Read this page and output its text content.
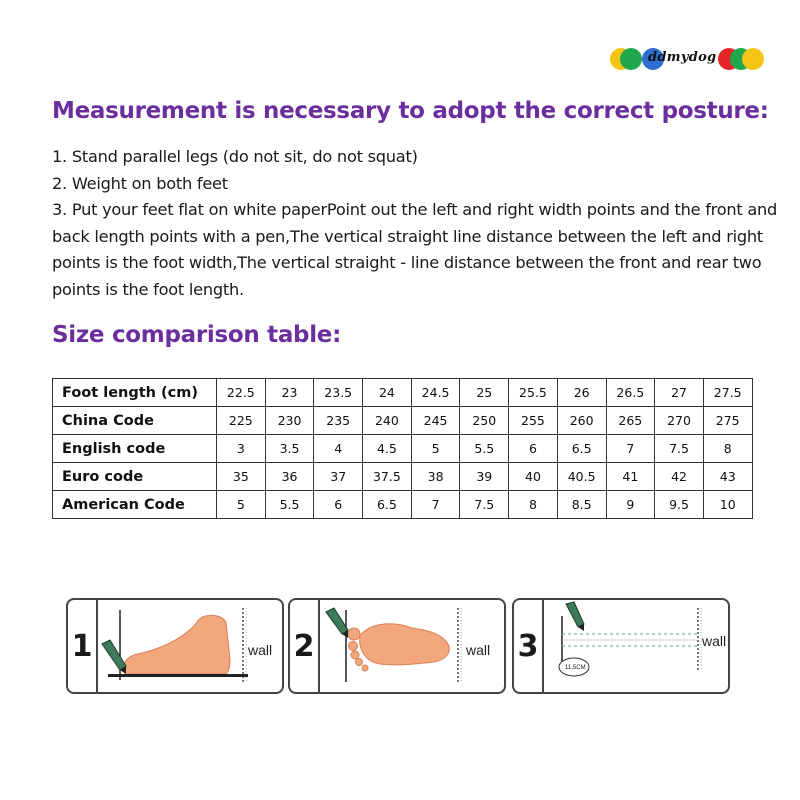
ddmydog
Measurement is necessary to adopt the correct posture:

1. Stand parallel legs (do not sit, do not squat)

2. Weight on both feet

3. Put your feet flat on white paperPoint out the left and right width points and the front and back length points with a pen,The vertical straight line distance between the left and right points is the foot width,The vertical straight - line distance between the front and rear two points is the foot length.

Size comparison table:
Foot length (cm)	22.5	23	23.5	24	24.5	25	25.5	26	26.5	27	27.5
China Code	225	230	235	240	245	250	255	260	265	270	275
English code	3	3.5	4	4.5	5	5.5	6	6.5	7	7.5	8
Euro code	35	36	37	37.5	38	39	40	40.5	41	42	43
American Code	5	5.5	6	6.5	7	7.5	8	8.5	9	9.5	10
1	wall 2	wall 3
11.5CM
wall
